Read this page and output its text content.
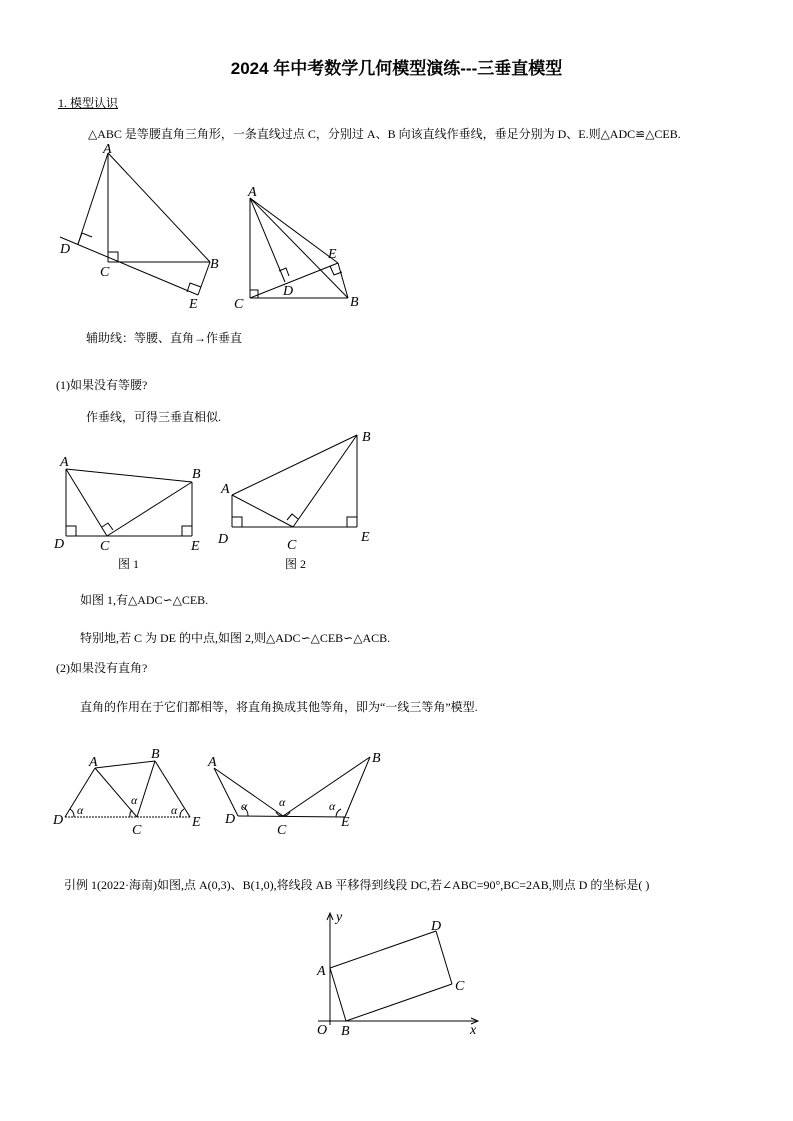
2024 年中考数学几何模型演练---三垂直模型
1. 模型认识
△ABC 是等腰直角三角形，一条直线过点 C，分别过 A、B 向该直线作垂线，垂足分别为 D、E.则△ADC≌△CEB.
A
D
C
B
E
A
E
D
C	B
辅助线：等腰、直角→作垂直
(1)如果没有等腰?
作垂线，可得三垂直相似.
A
B
D	C	E
图 1
A
B
D	C
E
图 2
如图 1,有△ADC∽△CEB.
特别地,若 C 为 DE 的中点,如图 2,则△ADC∽△CEB∽△ACB.
(2)如果没有直角?
直角的作用在于它们都相等，将直角换成其他等角，即为“一线三等角”模型.
A
B
D
C
E
α
α
α
A	B
D
C
E
α	α	α
引例 1(2022·海南)如图,点 A(0,3)、B(1,0),将线段 AB 平移得到线段 DC,若∠ABC=90°,BC=2AB,则点 D 的坐标是( )
y
D
A
C
O B	x
